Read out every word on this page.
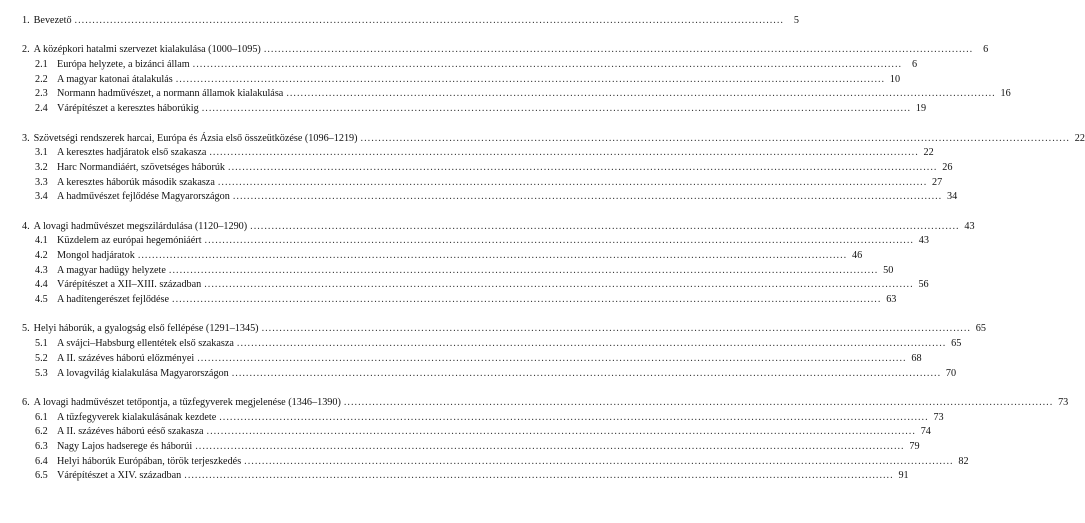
1. Bevezető .....	5
2. A középkori hatalmi szervezet kialakulása (1000–1095) .....	6
2.1 Európa helyzete, a bizánci állam .....	6
2.2 A magyar katonai átalakulás .....	10
2.3 Normann hadművészet, a normann államok kialakulása .....	16
2.4 Várépítészet a keresztes háborúkig .....	19
3. Szövetségi rendszerek harcai, Európa és Ázsia első összeütközése (1096–1219) .....	22
3.1 A keresztes hadjáratok első szakasza .....	22
3.2 Harc Normandiáért, szövetséges háborúk .....	26
3.3 A keresztes háborúk második szakasza .....	27
3.4 A hadművészet fejlődése Magyarországon .....	34
4. A lovagi hadművészet megszilárdulása (1120–1290) .....	43
4.1 Küzdelem az európai hegemóniáért .....	43
4.2 Mongol hadjáratok .....	46
4.3 A magyar hadügy helyzete .....	50
4.4 Várépítészet a XII–XIII. században .....	56
4.5 A hadítengerészet fejlődése .....	63
5. Helyi háborúk, a gyalogság első fellépése (1291–1345) .....	65
5.1 A svájci–Habsburg ellentétek első szakasza .....	65
5.2 A II. százéves háború előzményei .....	68
5.3 A lovagvilág kialakulása Magyarországon .....	70
6. A lovagi hadművészet tetőpontja, a tűzfegyverek megjelenése (1346–1390) .....	73
6.1 A tűzfegyverek kialakulásának kezdete .....	73
6.2 A II. százéves háború eéső szakasza .....	74
6.3 Nagy Lajos hadserege és háborúi .....	79
6.4 Helyi háborúk Európában, török terjeszkedés .....	82
6.5 Várépítészet a XIV. században .....	91
